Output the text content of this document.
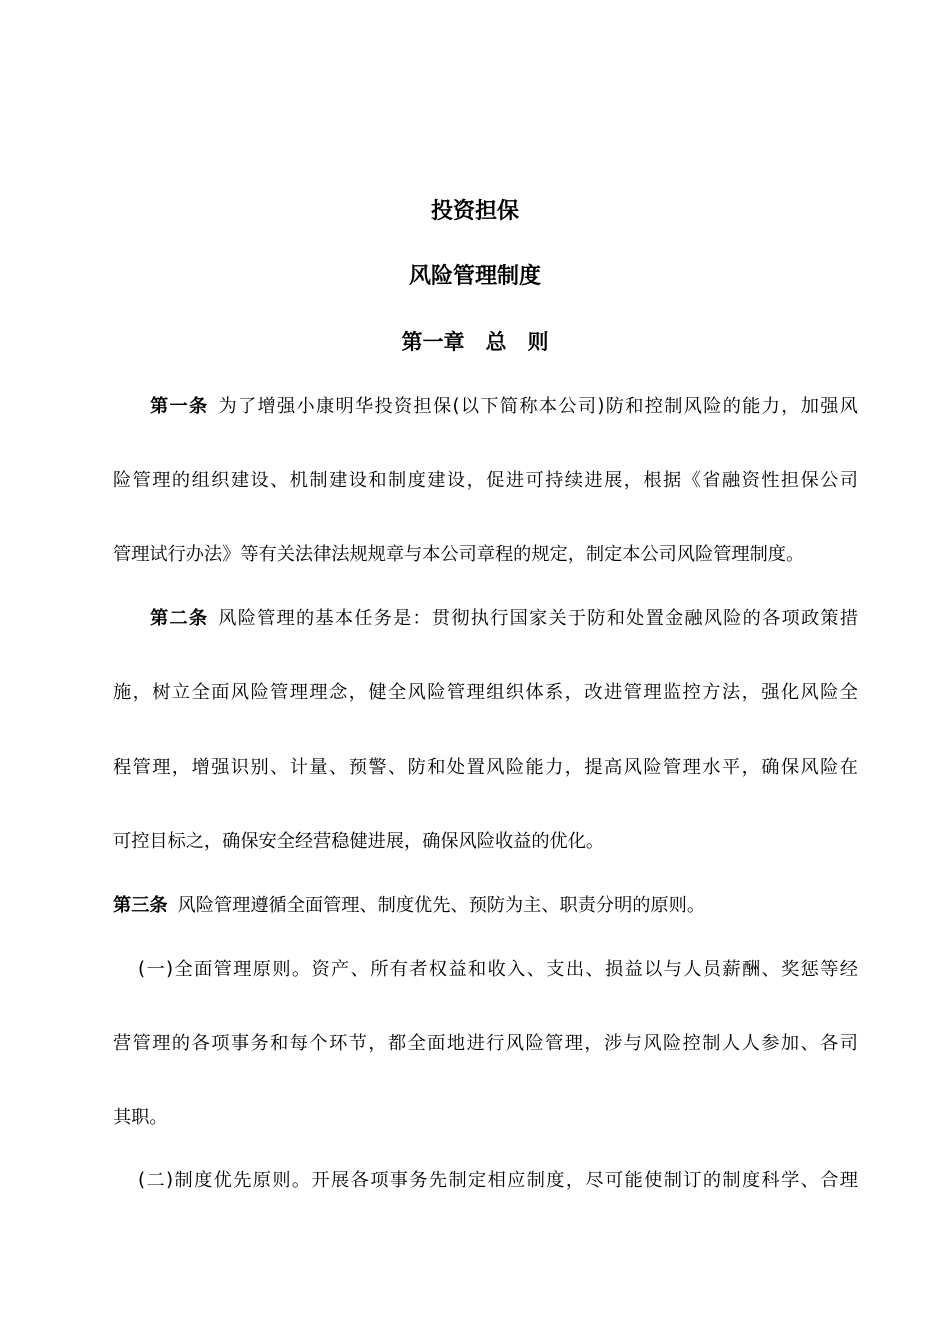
投资担保
风险管理制度
第一章　总　则
第一条 为了增强小康明华投资担保(以下简称本公司)防和控制风险的能力，加强风
险管理的组织建设、机制建设和制度建设，促进可持续进展，根据《省融资性担保公司
管理试行办法》等有关法律法规规章与本公司章程的规定，制定本公司风险管理制度。
第二条 风险管理的基本任务是：贯彻执行国家关于防和处置金融风险的各项政策措
施，树立全面风险管理理念，健全风险管理组织体系，改进管理监控方法，强化风险全
程管理，增强识别、计量、预警、防和处置风险能力，提高风险管理水平，确保风险在
可控目标之，确保安全经营稳健进展，确保风险收益的优化。
第三条 风险管理遵循全面管理、制度优先、预防为主、职责分明的原则。
(一)全面管理原则。资产、所有者权益和收入、支出、损益以与人员薪酬、奖惩等经
营管理的各项事务和每个环节，都全面地进行风险管理，涉与风险控制人人参加、各司
其职。
(二)制度优先原则。开展各项事务先制定相应制度，尽可能使制订的制度科学、合理
